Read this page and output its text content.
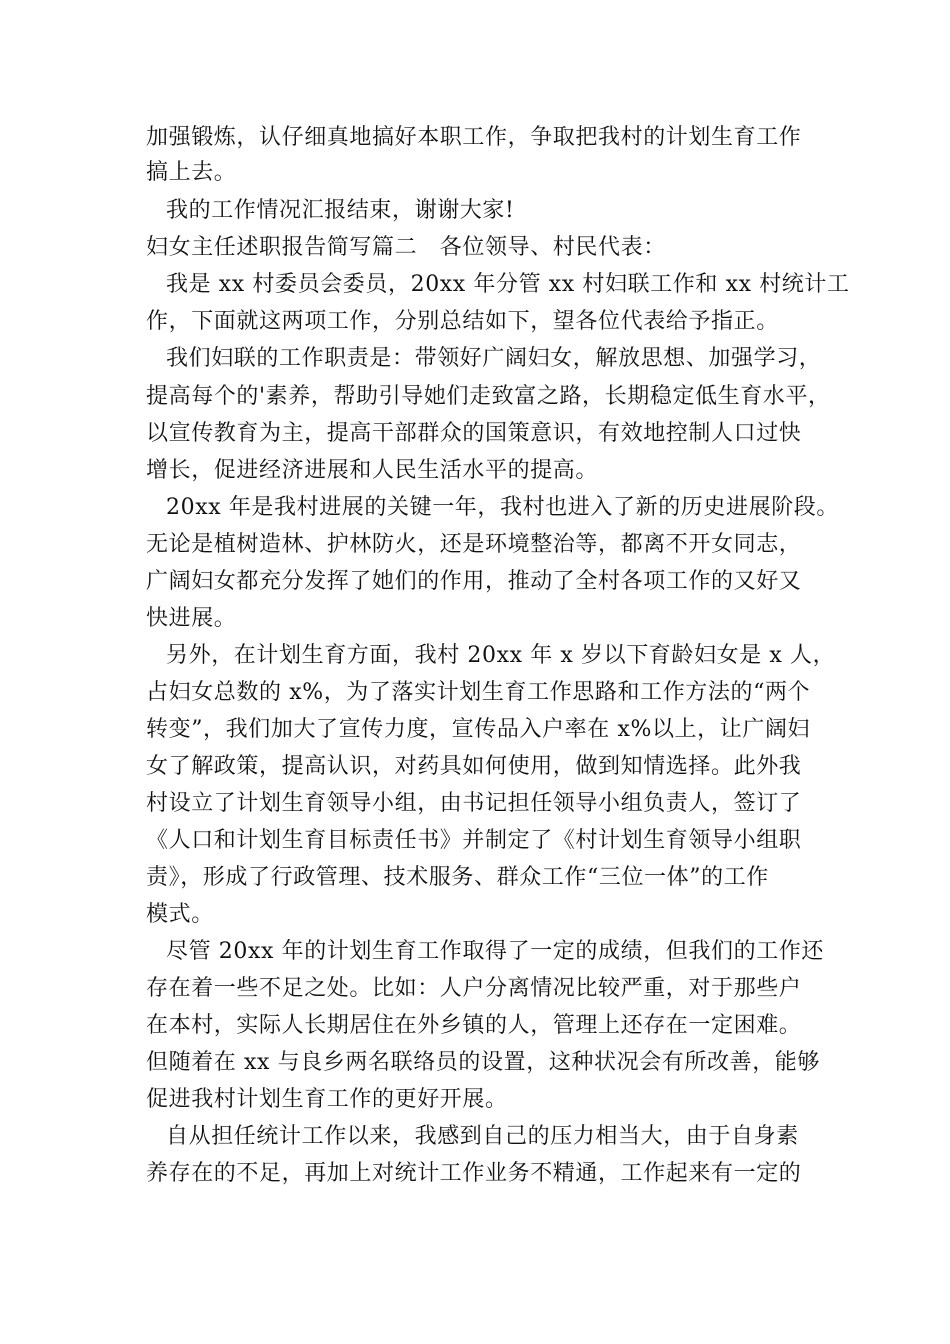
加强锻炼，认仔细真地搞好本职工作，争取把我村的计划生育工作
搞上去。
我的工作情况汇报结束，谢谢大家!
妇女主任述职报告简写篇二　各位领导、村民代表：
我是 xx 村委员会委员，20xx 年分管 xx 村妇联工作和 xx 村统计工
作，下面就这两项工作，分别总结如下，望各位代表给予指正。
我们妇联的工作职责是：带领好广阔妇女，解放思想、加强学习，
提高每个的'素养，帮助引导她们走致富之路，长期稳定低生育水平，
以宣传教育为主，提高干部群众的国策意识，有效地控制人口过快
增长，促进经济进展和人民生活水平的提高。
20xx 年是我村进展的关键一年，我村也进入了新的历史进展阶段。
无论是植树造林、护林防火，还是环境整治等，都离不开女同志，
广阔妇女都充分发挥了她们的作用，推动了全村各项工作的又好又
快进展。
另外，在计划生育方面，我村 20xx 年 x 岁以下育龄妇女是 x 人，
占妇女总数的 x%，为了落实计划生育工作思路和工作方法的“两个
转变”，我们加大了宣传力度，宣传品入户率在 x%以上，让广阔妇
女了解政策，提高认识，对药具如何使用，做到知情选择。此外我
村设立了计划生育领导小组，由书记担任领导小组负责人，签订了
《人口和计划生育目标责任书》并制定了《村计划生育领导小组职
责》，形成了行政管理、技术服务、群众工作“三位一体”的工作
模式。
尽管 20xx 年的计划生育工作取得了一定的成绩，但我们的工作还
存在着一些不足之处。比如：人户分离情况比较严重，对于那些户
在本村，实际人长期居住在外乡镇的人，管理上还存在一定困难。
但随着在 xx 与良乡两名联络员的设置，这种状况会有所改善，能够
促进我村计划生育工作的更好开展。
自从担任统计工作以来，我感到自己的压力相当大，由于自身素
养存在的不足，再加上对统计工作业务不精通，工作起来有一定的
